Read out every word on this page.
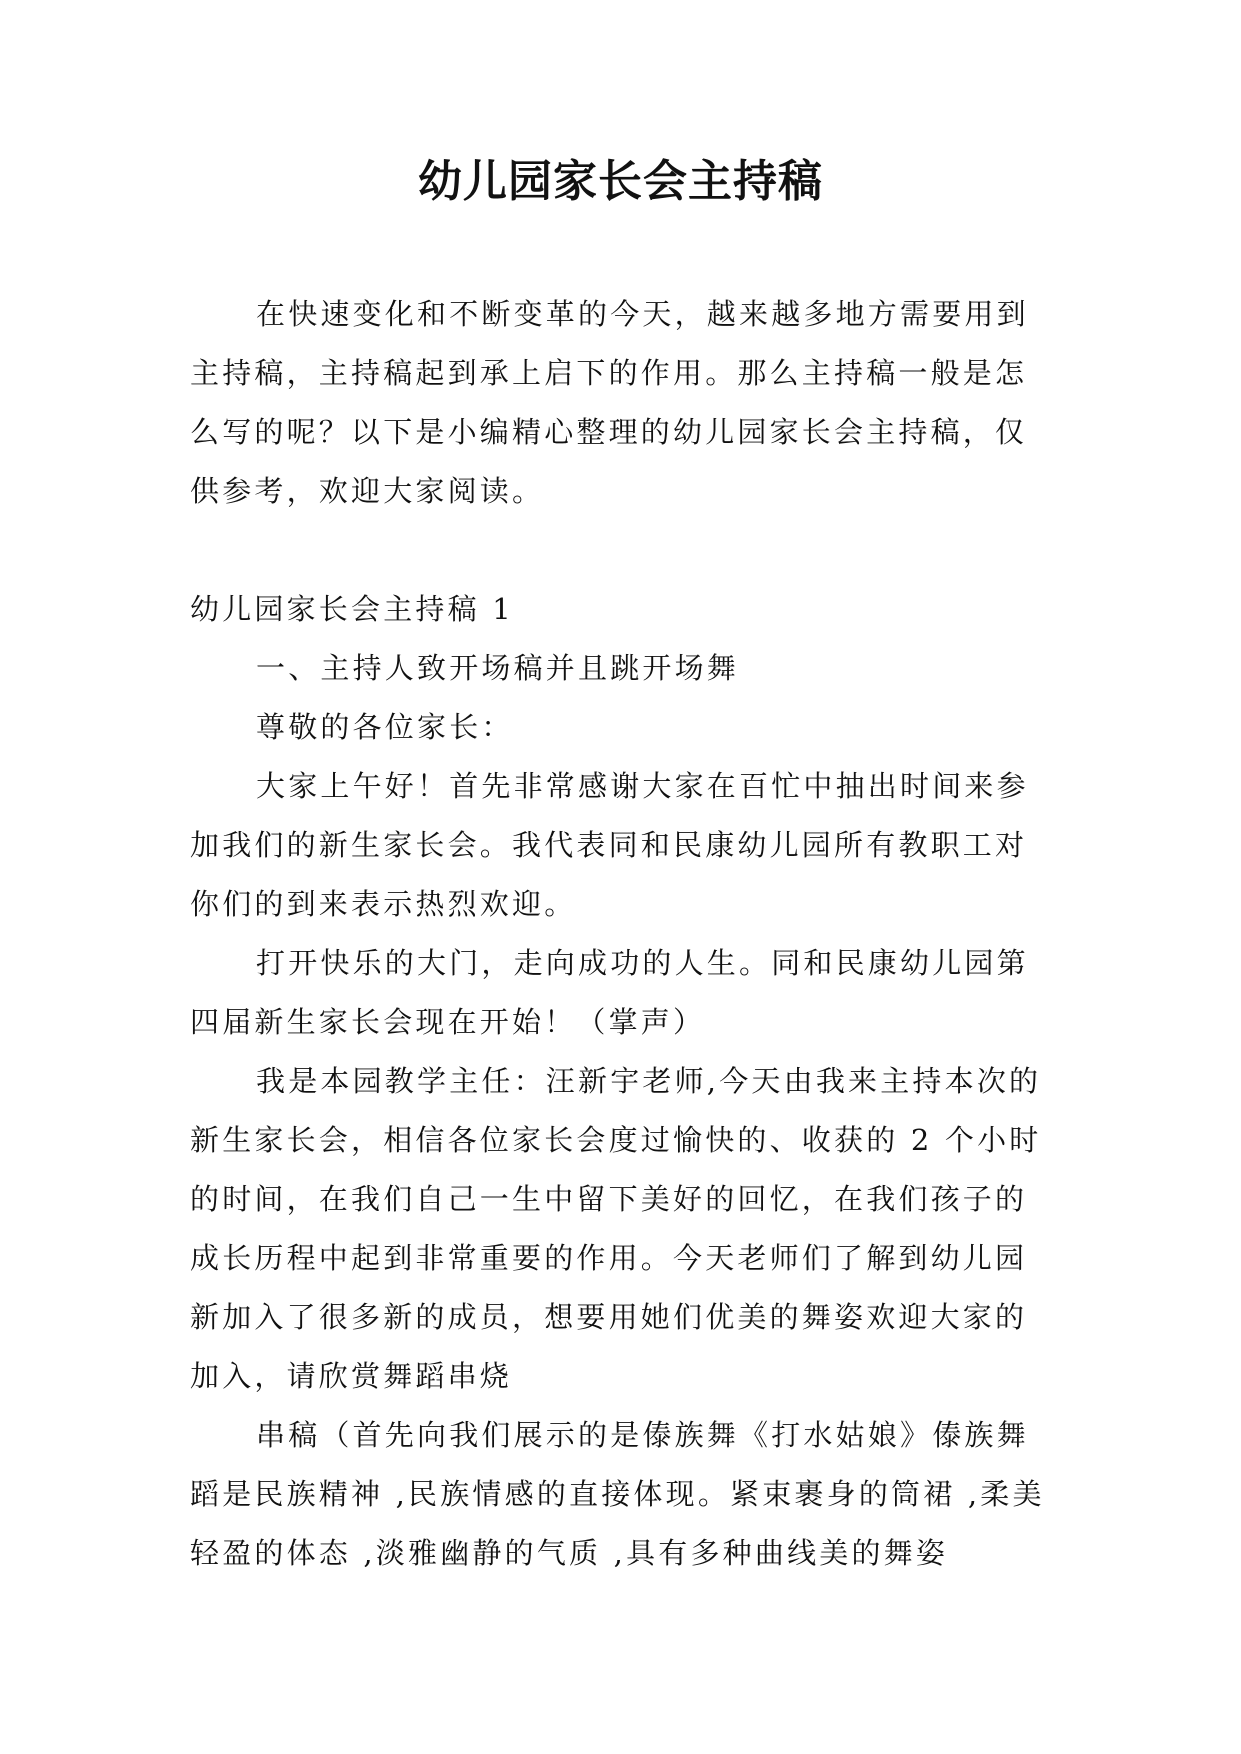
幼儿园家长会主持稿

在快速变化和不断变革的今天，越来越多地方需要用到主持稿，主持稿起到承上启下的作用。那么主持稿一般是怎么写的呢？以下是小编精心整理的幼儿园家长会主持稿，仅供参考，欢迎大家阅读。

幼儿园家长会主持稿 1

一、主持人致开场稿并且跳开场舞

尊敬的各位家长：

大家上午好！首先非常感谢大家在百忙中抽出时间来参加我们的新生家长会。我代表同和民康幼儿园所有教职工对你们的到来表示热烈欢迎。

打开快乐的大门，走向成功的人生。同和民康幼儿园第四届新生家长会现在开始！（掌声）

我是本园教学主任：汪新宇老师,今天由我来主持本次的新生家长会，相信各位家长会度过愉快的、收获的 2 个小时的时间，在我们自己一生中留下美好的回忆，在我们孩子的成长历程中起到非常重要的作用。今天老师们了解到幼儿园新加入了很多新的成员，想要用她们优美的舞姿欢迎大家的加入，请欣赏舞蹈串烧

串稿（首先向我们展示的是傣族舞《打水姑娘》傣族舞蹈是民族精神 ,民族情感的直接体现。紧束裹身的筒裙 ,柔美轻盈的体态 ,淡雅幽静的气质 ,具有多种曲线美的舞姿
